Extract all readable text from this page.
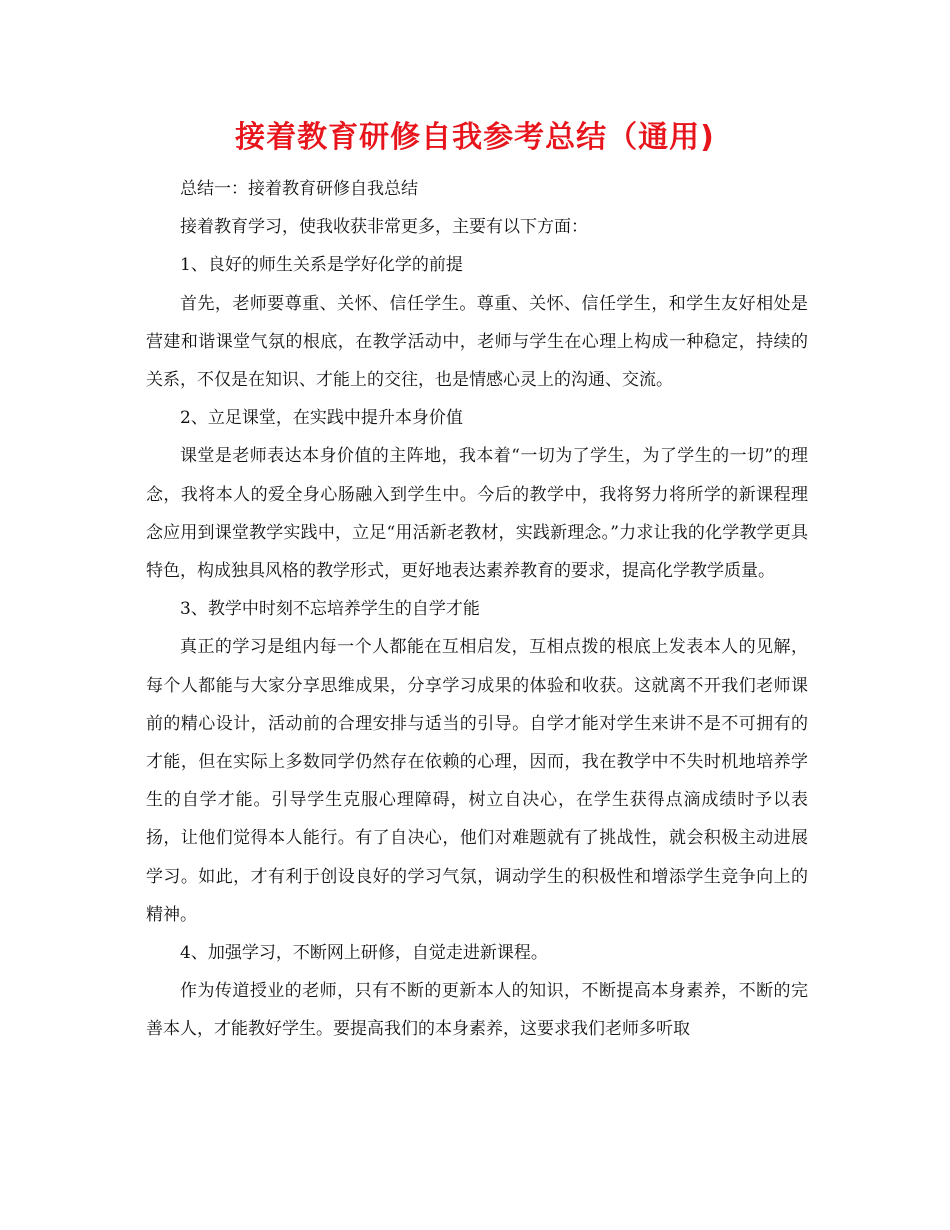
接着教育研修自我参考总结（通用)

总结一：接着教育研修自我总结

接着教育学习，使我收获非常更多，主要有以下方面：

1、良好的师生关系是学好化学的前提

首先，老师要尊重、关怀、信任学生。尊重、关怀、信任学生，和学生友好相处是营建和谐课堂气氛的根底，在教学活动中，老师与学生在心理上构成一种稳定，持续的关系，不仅是在知识、才能上的交往，也是情感心灵上的沟通、交流。

2、立足课堂，在实践中提升本身价值

课堂是老师表达本身价值的主阵地，我本着“一切为了学生，为了学生的一切”的理念，我将本人的爱全身心肠融入到学生中。今后的教学中，我将努力将所学的新课程理念应用到课堂教学实践中，立足“用活新老教材，实践新理念。”力求让我的化学教学更具特色，构成独具风格的教学形式，更好地表达素养教育的要求，提高化学教学质量。

3、教学中时刻不忘培养学生的自学才能

真正的学习是组内每一个人都能在互相启发，互相点拨的根底上发表本人的见解，每个人都能与大家分享思维成果，分享学习成果的体验和收获。这就离不开我们老师课前的精心设计，活动前的合理安排与适当的引导。自学才能对学生来讲不是不可拥有的才能，但在实际上多数同学仍然存在依赖的心理，因而，我在教学中不失时机地培养学生的自学才能。引导学生克服心理障碍，树立自决心，在学生获得点滴成绩时予以表扬，让他们觉得本人能行。有了自决心，他们对难题就有了挑战性，就会积极主动进展学习。如此，才有利于创设良好的学习气氛，调动学生的积极性和增添学生竞争向上的精神。

4、加强学习，不断网上研修，自觉走进新课程。

作为传道授业的老师，只有不断的更新本人的知识，不断提高本身素养，不断的完善本人，才能教好学生。要提高我们的本身素养，这要求我们老师多听取
